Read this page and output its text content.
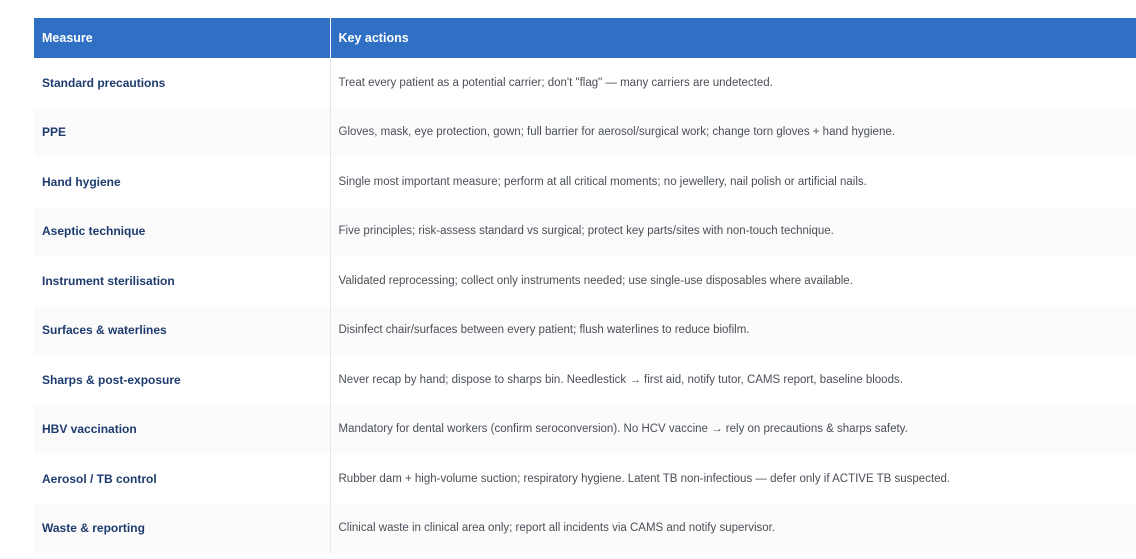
Measure	Key actions
Standard precautions	Treat every patient as a potential carrier; don't "flag" — many carriers are undetected.
PPE	Gloves, mask, eye protection, gown; full barrier for aerosol/surgical work; change torn gloves + hand hygiene.
Hand hygiene	Single most important measure; perform at all critical moments; no jewellery, nail polish or artificial nails.
Aseptic technique	Five principles; risk-assess standard vs surgical; protect key parts/sites with non-touch technique.
Instrument sterilisation	Validated reprocessing; collect only instruments needed; use single-use disposables where available.
Surfaces & waterlines	Disinfect chair/surfaces between every patient; flush waterlines to reduce biofilm.
Sharps & post-exposure	Never recap by hand; dispose to sharps bin. Needlestick → first aid, notify tutor, CAMS report, baseline bloods.
HBV vaccination	Mandatory for dental workers (confirm seroconversion). No HCV vaccine → rely on precautions & sharps safety.
Aerosol / TB control	Rubber dam + high-volume suction; respiratory hygiene. Latent TB non-infectious — defer only if ACTIVE TB suspected.
Waste & reporting	Clinical waste in clinical area only; report all incidents via CAMS and notify supervisor.
